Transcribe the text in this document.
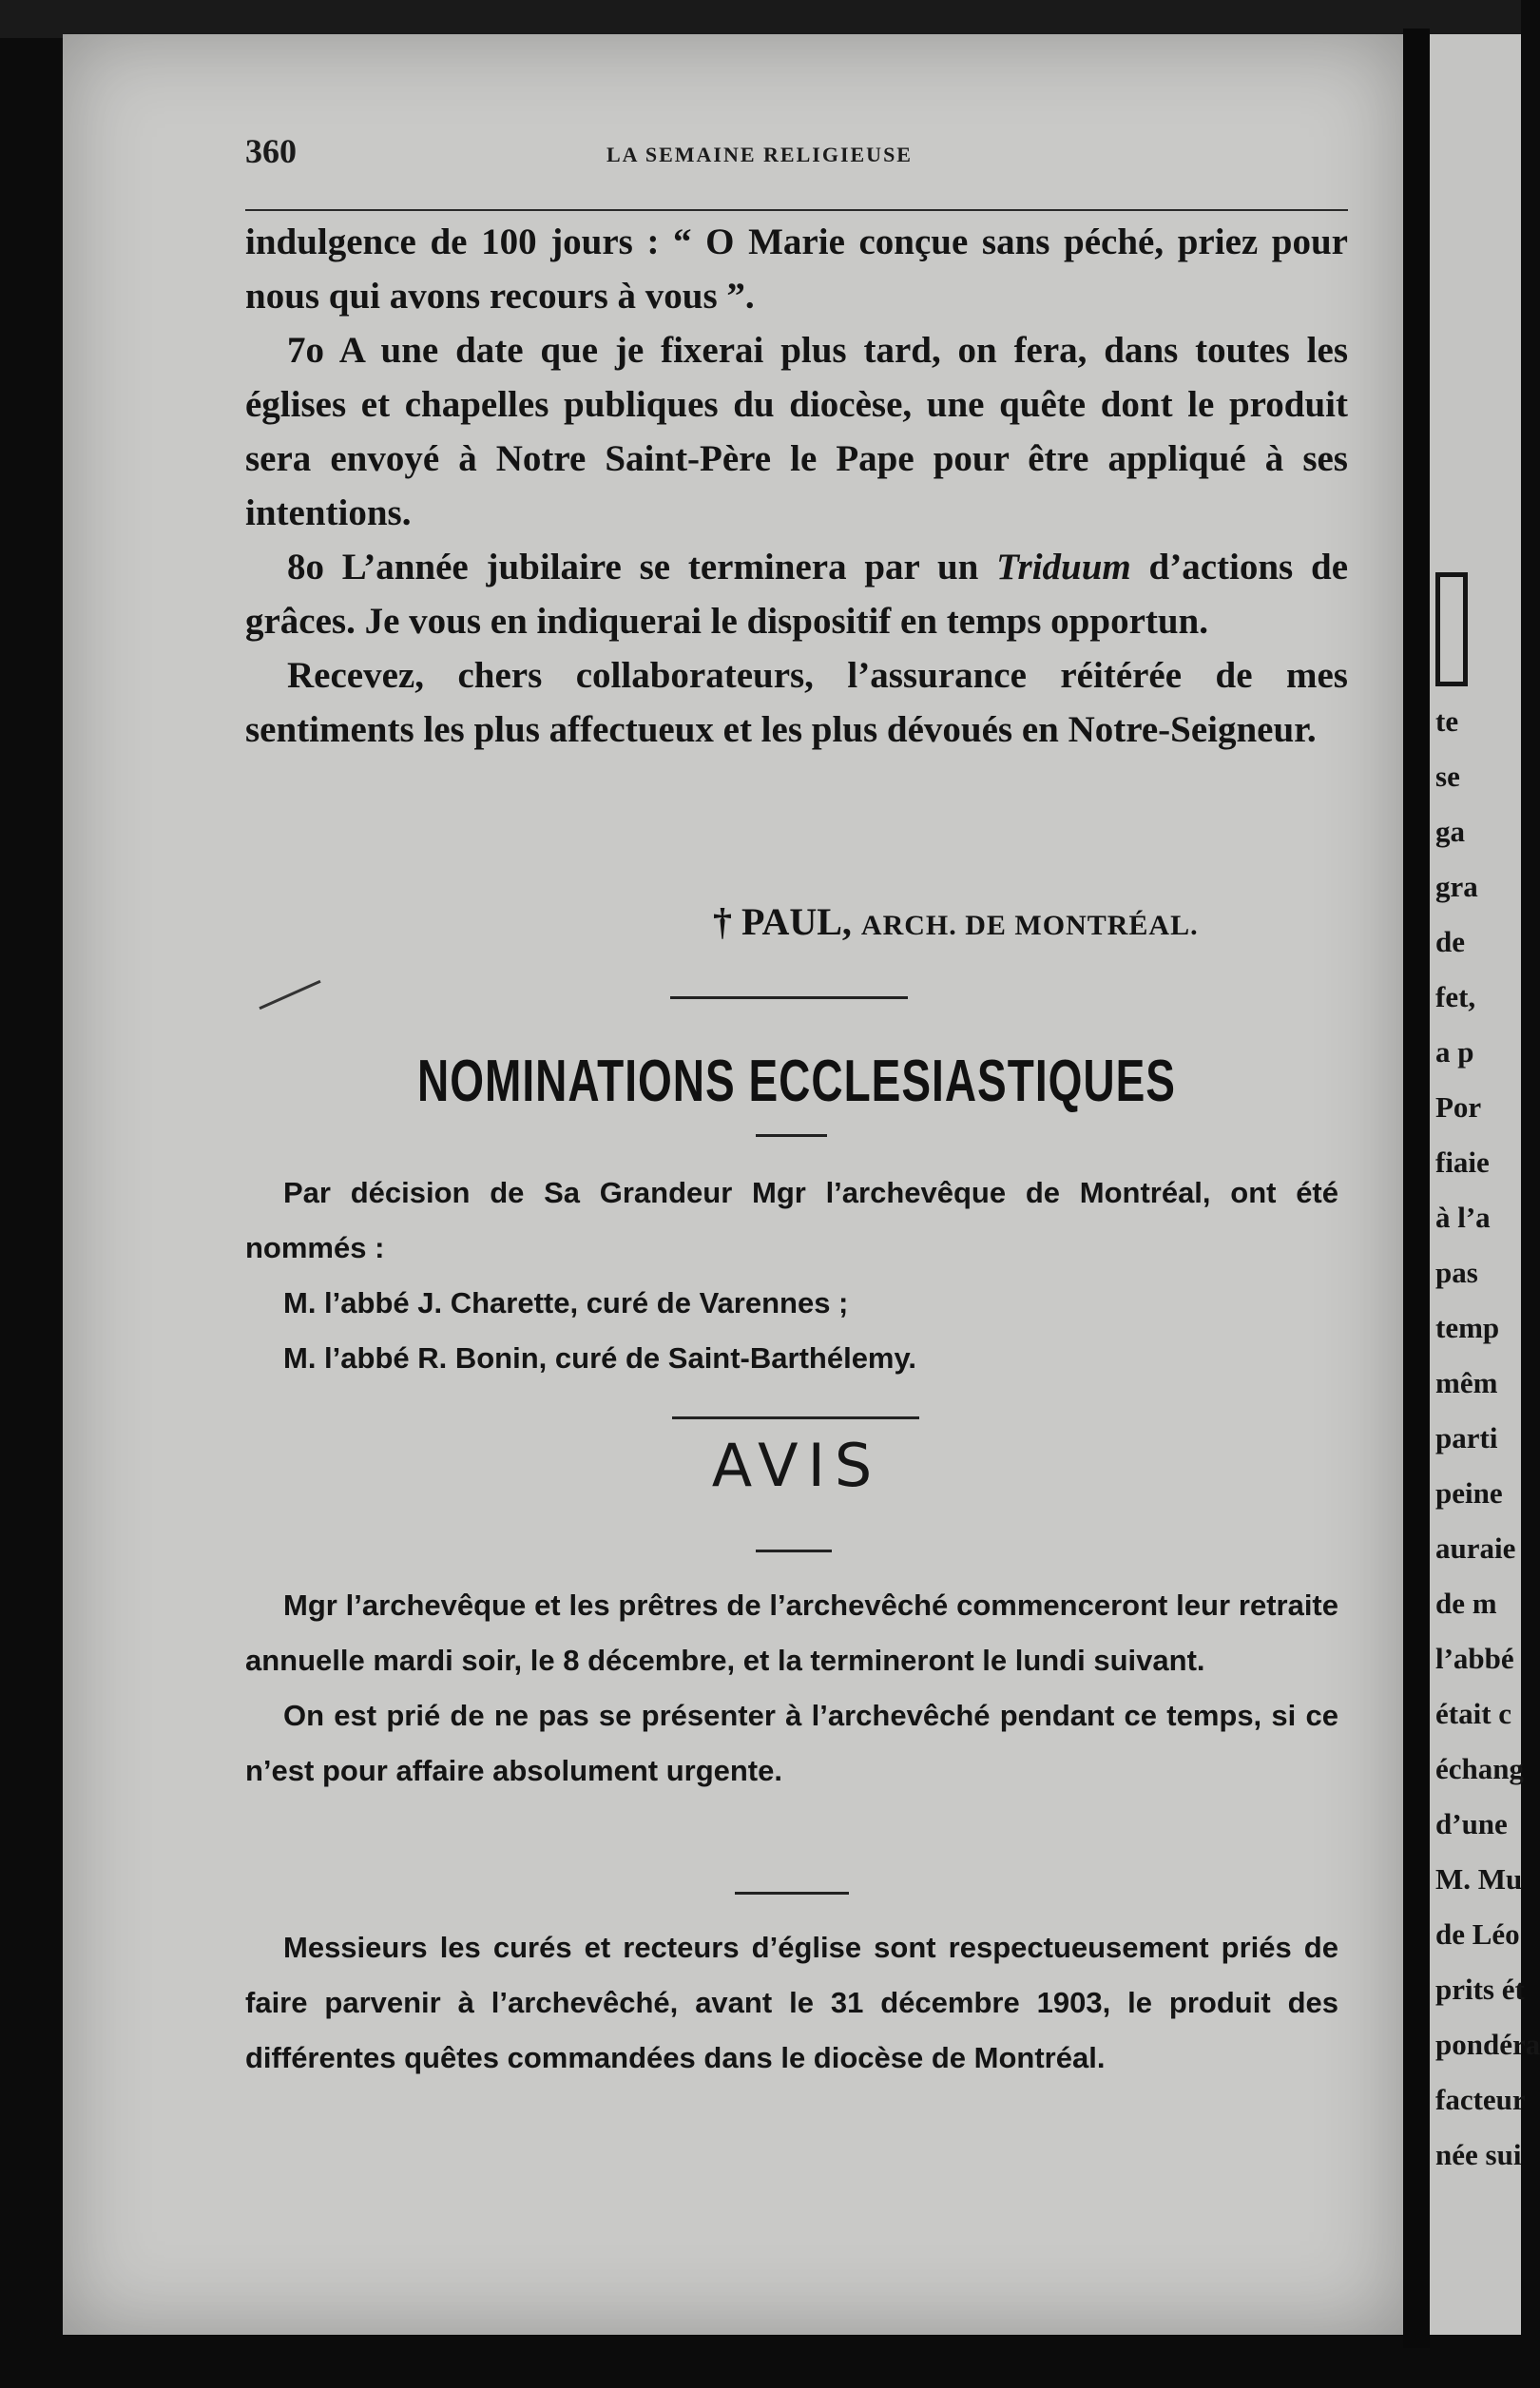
te
se
ga
gra
de
fet,
a p
Por
fiaie
à l’a
pas
temp
mêm
parti
peine
auraie
de m
l’abbé
était c
échang
d’une
M. Mu
de Léo
prits ét
pondéra
facteur
née sui
360	LA SEMAINE RELIGIEUSE

indulgence de 100 jours : “ O Marie conçue sans péché, priez pour nous qui avons recours à vous ”.

7o A une date que je fixerai plus tard, on fera, dans toutes les églises et chapelles publiques du diocèse, une quête dont le produit sera envoyé à Notre Saint-Père le Pape pour être appliqué à ses intentions.

8o L’année jubilaire se terminera par un Triduum d’actions de grâces. Je vous en indiquerai le dispositif en temps opportun.

Recevez, chers collaborateurs, l’assurance réitérée de mes sentiments les plus affectueux et les plus dévoués en Notre-Seigneur.

† PAUL, ARCH. DE MONTRÉAL.
NOMINATIONS ECCLESIASTIQUES

Par décision de Sa Grandeur Mgr l’archevêque de Montréal, ont été nommés :

M. l’abbé J. Charette, curé de Varennes ;

M. l’abbé R. Bonin, curé de Saint-Barthélemy.

AVIS

Mgr l’archevêque et les prêtres de l’archevêché commenceront leur retraite annuelle mardi soir, le 8 décembre, et la termineront le lundi suivant.

On est prié de ne pas se présenter à l’archevêché pendant ce temps, si ce n’est pour affaire absolument urgente.

Messieurs les curés et recteurs d’église sont respectueusement priés de faire parvenir à l’archevêché, avant le 31 décembre 1903, le produit des différentes quêtes commandées dans le diocèse de Montréal.
